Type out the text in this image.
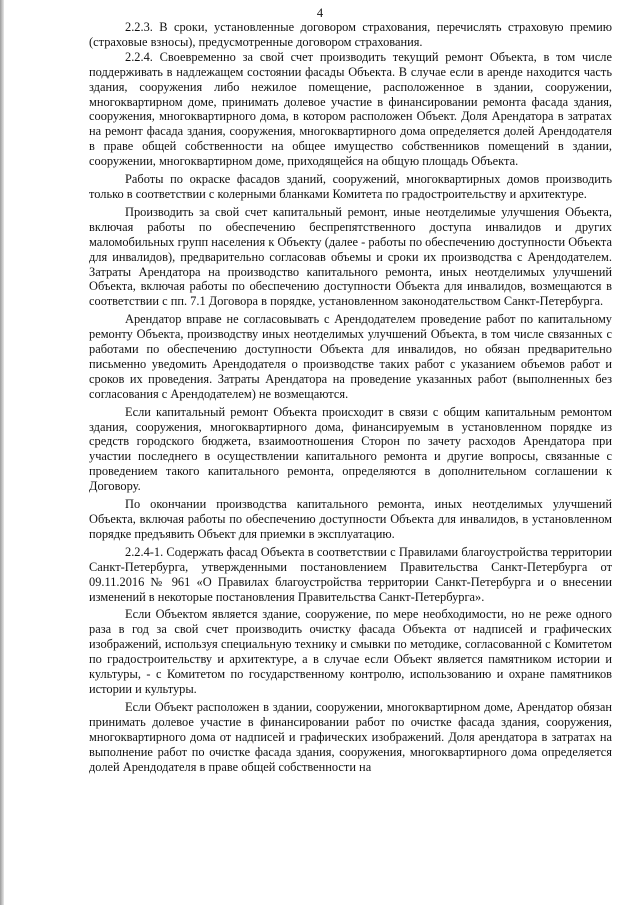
4

2.2.3. В сроки, установленные договором страхования, перечислять страховую премию (страховые взносы), предусмотренные договором страхования.

2.2.4. Своевременно за свой счет производить текущий ремонт Объекта, в том числе поддерживать в надлежащем состоянии фасады Объекта. В случае если в аренде находится часть здания, сооружения либо нежилое помещение, расположенное в здании, сооружении, многоквартирном доме, принимать долевое участие в финансировании ремонта фасада здания, сооружения, многоквартирного дома, в котором расположен Объект. Доля Арендатора в затратах на ремонт фасада здания, сооружения, многоквартирного дома определяется долей Арендодателя в праве общей собственности на общее имущество собственников помещений в здании, сооружении, многоквартирном доме, приходящейся на общую площадь Объекта.

Работы по окраске фасадов зданий, сооружений, многоквартирных домов производить только в соответствии с колерными бланками Комитета по градостроительству и архитектуре.

Производить за свой счет капитальный ремонт, иные неотделимые улучшения Объекта, включая работы по обеспечению беспрепятственного доступа инвалидов и других маломобильных групп населения к Объекту (далее - работы по обеспечению доступности Объекта для инвалидов), предварительно согласовав объемы и сроки их производства с Арендодателем. Затраты Арендатора на производство капитального ремонта, иных неотделимых улучшений Объекта, включая работы по обеспечению доступности Объекта для инвалидов, возмещаются в соответствии с пп. 7.1 Договора в порядке, установленном законодательством Санкт-Петербурга.

Арендатор вправе не согласовывать с Арендодателем проведение работ по капитальному ремонту Объекта, производству иных неотделимых улучшений Объекта, в том числе связанных с работами по обеспечению доступности Объекта для инвалидов, но обязан предварительно письменно уведомить Арендодателя о производстве таких работ с указанием объемов работ и сроков их проведения. Затраты Арендатора на проведение указанных работ (выполненных без согласования с Арендодателем) не возмещаются.

Если капитальный ремонт Объекта происходит в связи с общим капитальным ремонтом здания, сооружения, многоквартирного дома, финансируемым в установленном порядке из средств городского бюджета, взаимоотношения Сторон по зачету расходов Арендатора при участии последнего в осуществлении капитального ремонта и другие вопросы, связанные с проведением такого капитального ремонта, определяются в дополнительном соглашении к Договору.

По окончании производства капитального ремонта, иных неотделимых улучшений Объекта, включая работы по обеспечению доступности Объекта для инвалидов, в установленном порядке предъявить Объект для приемки в эксплуатацию.

2.2.4-1. Содержать фасад Объекта в соответствии с Правилами благоустройства территории Санкт-Петербурга, утвержденными постановлением Правительства Санкт-Петербурга от 09.11.2016 № 961 «О Правилах благоустройства территории Санкт-Петербурга и о внесении изменений в некоторые постановления Правительства Санкт-Петербурга».

Если Объектом является здание, сооружение, по мере необходимости, но не реже одного раза в год за свой счет производить очистку фасада Объекта от надписей и графических изображений, используя специальную технику и смывки по методике, согласованной с Комитетом по градостроительству и архитектуре, а в случае если Объект является памятником истории и культуры, - с Комитетом по государственному контролю, использованию и охране памятников истории и культуры.

Если Объект расположен в здании, сооружении, многоквартирном доме, Арендатор обязан принимать долевое участие в финансировании работ по очистке фасада здания, сооружения, многоквартирного дома от надписей и графических изображений. Доля арендатора в затратах на выполнение работ по очистке фасада здания, сооружения, многоквартирного дома определяется долей Арендодателя в праве общей собственности на
